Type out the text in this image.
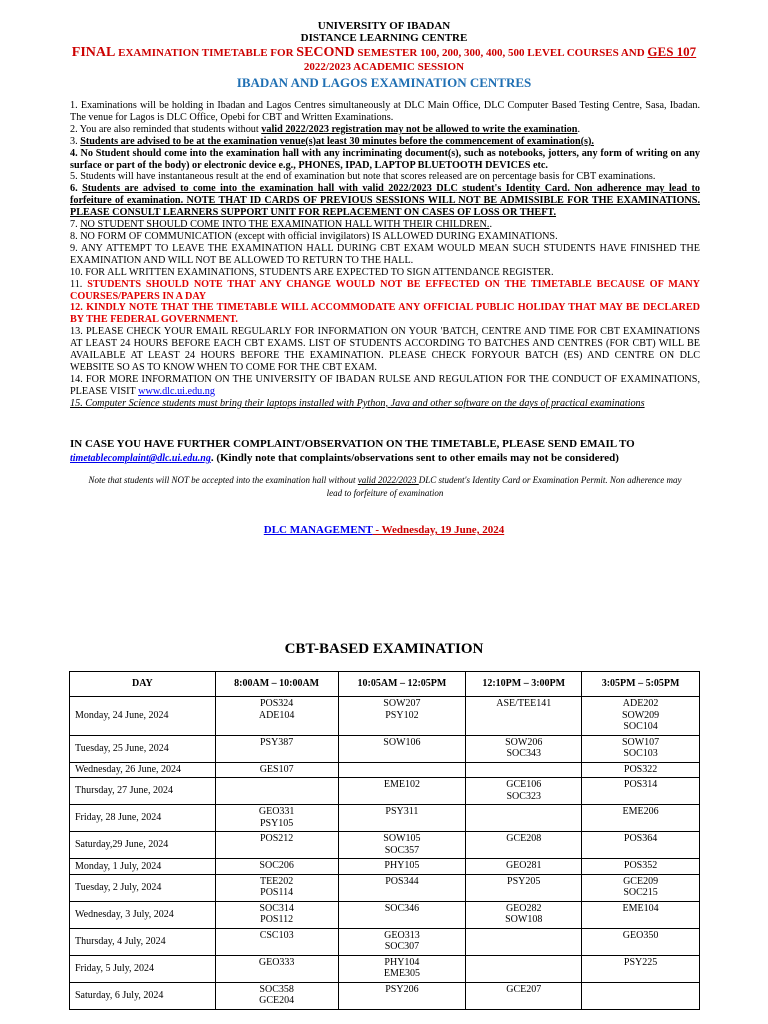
UNIVERSITY OF IBADAN
DISTANCE LEARNING CENTRE
FINAL EXAMINATION TIMETABLE FOR SECOND SEMESTER 100, 200, 300, 400, 500 LEVEL COURSES AND GES 107
2022/2023 ACADEMIC SESSION
IBADAN AND LAGOS EXAMINATION CENTRES

1. Examinations will be holding in Ibadan and Lagos Centres simultaneously at DLC Main Office, DLC Computer Based Testing Centre, Sasa, Ibadan. The venue for Lagos is DLC Office, Opebi for CBT and Written Examinations.

2. You are also reminded that students without valid 2022/2023 registration may not be allowed to write the examination.

3. Students are advised to be at the examination venue(s)at least 30 minutes before the commencement of examination(s).

4. No Student should come into the examination hall with any incriminating document(s), such as notebooks, jotters, any form of writing on any surface or part of the body) or electronic device e.g., PHONES, IPAD, LAPTOP BLUETOOTH DEVICES etc.

5. Students will have instantaneous result at the end of examination but note that scores released are on percentage basis for CBT examinations.

6. Students are advised to come into the examination hall with valid 2022/2023 DLC student's Identity Card. Non adherence may lead to forfeiture of examination. NOTE THAT ID CARDS OF PREVIOUS SESSIONS WILL NOT BE ADMISSIBLE FOR THE EXAMINATIONS. PLEASE CONSULT LEARNERS SUPPORT UNIT FOR REPLACEMENT ON CASES OF LOSS OR THEFT.

7. NO STUDENT SHOULD COME INTO THE EXAMINATION HALL WITH THEIR CHILDREN..

8. NO FORM OF COMMUNICATION (except with official invigilators) IS ALLOWED DURING EXAMINATIONS.

9. ANY ATTEMPT TO LEAVE THE EXAMINATION HALL DURING CBT EXAM WOULD MEAN SUCH STUDENTS HAVE FINISHED THE EXAMINATION AND WILL NOT BE ALLOWED TO RETURN TO THE HALL.

10. FOR ALL WRITTEN EXAMINATIONS, STUDENTS ARE EXPECTED TO SIGN ATTENDANCE REGISTER.

11. STUDENTS SHOULD NOTE THAT ANY CHANGE WOULD NOT BE EFFECTED ON THE TIMETABLE BECAUSE OF MANY COURSES/PAPERS IN A DAY

12. KINDLY NOTE THAT THE TIMETABLE WILL ACCOMMODATE ANY OFFICIAL PUBLIC HOLIDAY THAT MAY BE DECLARED BY THE FEDERAL GOVERNMENT.

13. PLEASE CHECK YOUR EMAIL REGULARLY FOR INFORMATION ON YOUR 'BATCH, CENTRE AND TIME FOR CBT EXAMINATIONS AT LEAST 24 HOURS BEFORE EACH CBT EXAMS. LIST OF STUDENTS ACCORDING TO BATCHES AND CENTRES (FOR CBT) WILL BE AVAILABLE AT LEAST 24 HOURS BEFORE THE EXAMINATION. PLEASE CHECK FORYOUR BATCH (ES) AND CENTRE ON DLC WEBSITE SO AS TO KNOW WHEN TO COME FOR THE CBT EXAM.

14. FOR MORE INFORMATION ON THE UNIVERSITY OF IBADAN RULSE AND REGULATION FOR THE CONDUCT OF EXAMINATIONS, PLEASE VISIT www.dlc.ui.edu.ng

15. Computer Science students must bring their laptops installed with Python, Java and other software on the days of practical examinations

IN CASE YOU HAVE FURTHER COMPLAINT/OBSERVATION ON THE TIMETABLE, PLEASE SEND EMAIL TO
timetablecomplaint@dlc.ui.edu.ng. (Kindly note that complaints/observations sent to other emails may not be considered)
Note that students will NOT be accepted into the examination hall without valid 2022/2023 DLC student's Identity Card or Examination Permit. Non adherence may lead to forfeiture of examination
DLC MANAGEMENT - Wednesday, 19 June, 2024
CBT-BASED EXAMINATION
DAY	8:00AM – 10:00AM	10:05AM – 12:05PM	12:10PM – 3:00PM	3:05PM – 5:05PM
Monday, 24 June, 2024	POS324
ADE104	SOW207
PSY102	ASE/TEE141	ADE202
SOW209
SOC104

Tuesday, 25 June, 2024	PSY387	SOW106	SOW206
SOC343	SOW107
SOC103

Wednesday, 26 June, 2024	GES107			POS322

Thursday, 27 June, 2024		EME102	GCE106
SOC323	POS314

Friday, 28 June, 2024	GEO331
PSY105	PSY311		EME206

Saturday,29 June, 2024	POS212	SOW105
SOC357	GCE208	POS364

Monday, 1 July, 2024	SOC206	PHY105	GEO281	POS352

Tuesday, 2 July, 2024	TEE202
POS114	POS344	PSY205	GCE209
SOC215

Wednesday, 3 July, 2024	SOC314
POS112	SOC346	GEO282
SOW108	EME104

Thursday, 4 July, 2024	CSC103	GEO313
SOC307		GEO350

Friday, 5 July, 2024	GEO333	PHY104
EME305		PSY225

Saturday, 6 July, 2024	SOC358
GCE204	PSY206	GCE207	
